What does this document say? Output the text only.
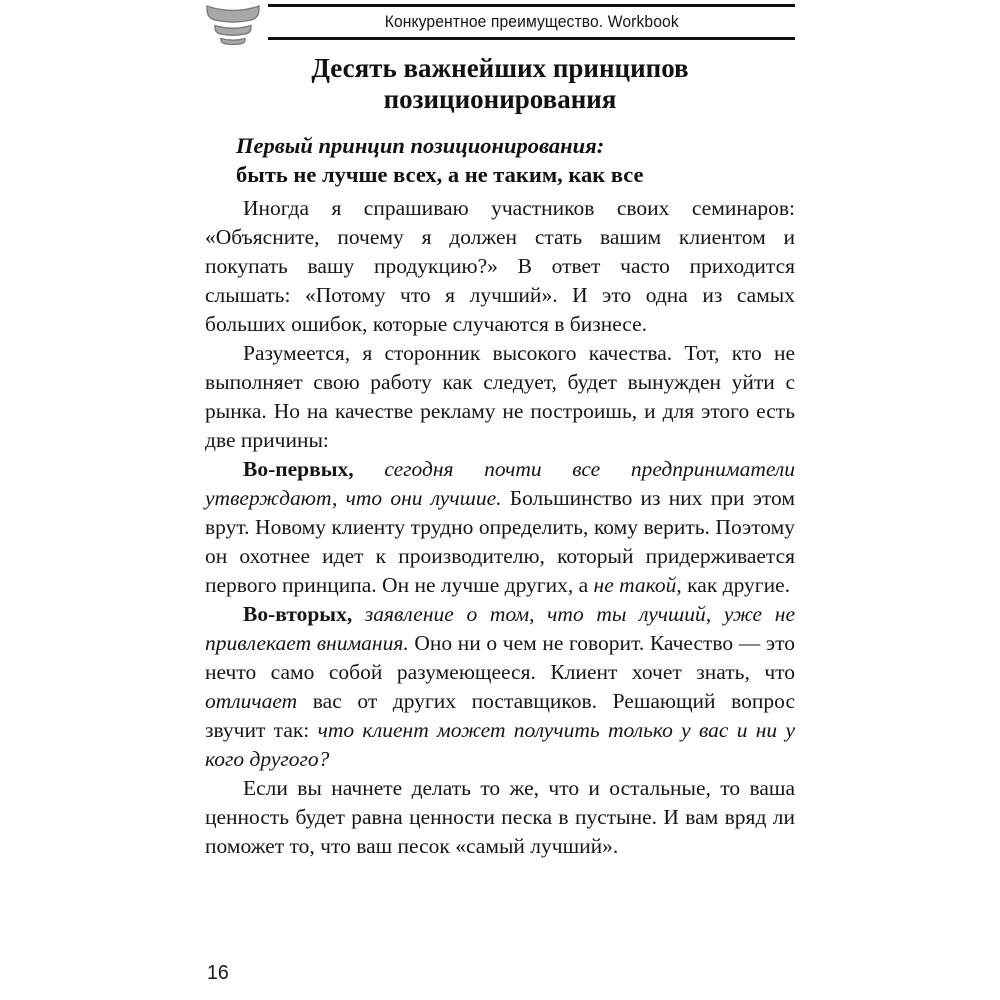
Конкурентное преимущество. Workbook
Десять важнейших принципов
позиционирования
Первый принцип позиционирования:
быть не лучше всех, а не таким, как все

Иногда я спрашиваю участников своих семинаров: «Объясните, почему я должен стать вашим клиентом и покупать вашу продукцию?» В ответ часто приходится слышать: «Потому что я лучший». И это одна из самых больших ошибок, которые случаются в бизнесе.

Разумеется, я сторонник высокого качества. Тот, кто не выполняет свою работу как следует, будет вынужден уйти с рынка. Но на качестве рекламу не построишь, и для этого есть две причины:

Во-первых, сегодня почти все предприниматели утверждают, что они лучшие. Большинство из них при этом врут. Новому клиенту трудно определить, кому верить. Поэтому он охотнее идет к производителю, который придерживается первого принципа. Он не лучше других, а не такой, как другие.

Во-вторых, заявление о том, что ты лучший, уже не привлекает внимания. Оно ни о чем не говорит. Качество — это нечто само собой разумеющееся. Клиент хочет знать, что отличает вас от других поставщиков. Решающий вопрос звучит так: что клиент может получить только у вас и ни у кого другого?

Если вы начнете делать то же, что и остальные, то ваша ценность будет равна ценности песка в пустыне. И вам вряд ли поможет то, что ваш песок «самый лучший».

16
